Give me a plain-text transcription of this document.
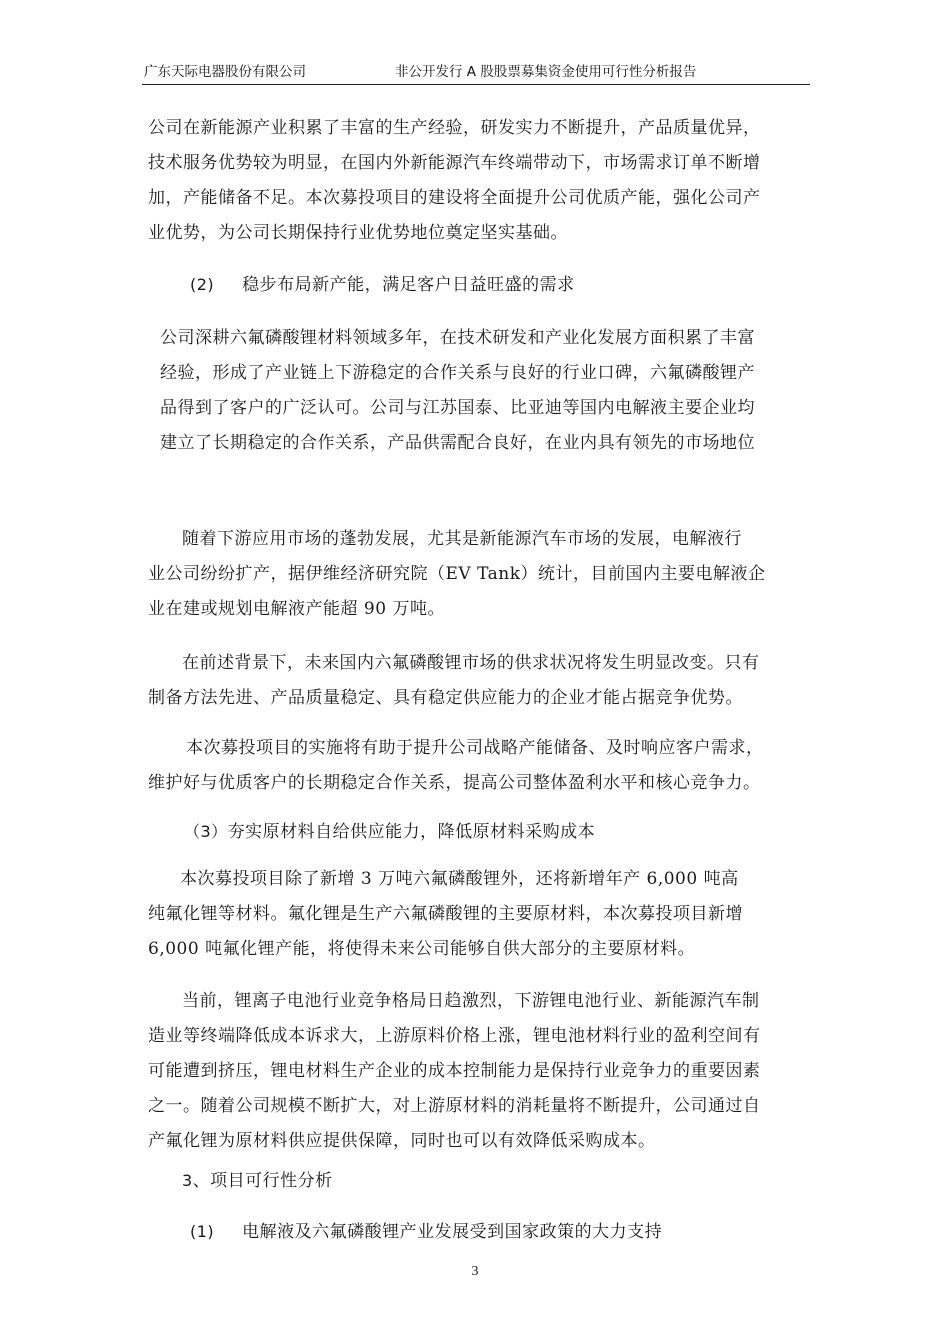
广东天际电器股份有限公司	非公开发行 A 股股票募集资金使用可行性分析报告
公司在新能源产业积累了丰富的生产经验，研发实力不断提升，产品质量优异，
技术服务优势较为明显，在国内外新能源汽车终端带动下，市场需求订单不断增
加，产能储备不足。本次募投项目的建设将全面提升公司优质产能，强化公司产
业优势，为公司长期保持行业优势地位奠定坚实基础。
(2) 稳步布局新产能，满足客户日益旺盛的需求
公司深耕六氟磷酸锂材料领域多年，在技术研发和产业化发展方面积累了丰富
经验，形成了产业链上下游稳定的合作关系与良好的行业口碑，六氟磷酸锂产
品得到了客户的广泛认可。公司与江苏国泰、比亚迪等国内电解液主要企业均
建立了长期稳定的合作关系，产品供需配合良好，在业内具有领先的市场地位
随着下游应用市场的蓬勃发展，尤其是新能源汽车市场的发展，电解液行
业公司纷纷扩产，据伊维经济研究院（EV Tank）统计，目前国内主要电解液企
业在建或规划电解液产能超 90 万吨。
在前述背景下，未来国内六氟磷酸锂市场的供求状况将发生明显改变。只有
制备方法先进、产品质量稳定、具有稳定供应能力的企业才能占据竞争优势。
本次募投项目的实施将有助于提升公司战略产能储备、及时响应客户需求，
维护好与优质客户的长期稳定合作关系，提高公司整体盈利水平和核心竞争力。
（3）夯实原材料自给供应能力，降低原材料采购成本
本次募投项目除了新增 3 万吨六氟磷酸锂外，还将新增年产 6,000 吨高
纯氟化锂等材料。氟化锂是生产六氟磷酸锂的主要原材料，本次募投项目新增
6,000 吨氟化锂产能，将使得未来公司能够自供大部分的主要原材料。
当前，锂离子电池行业竞争格局日趋激烈，下游锂电池行业、新能源汽车制
造业等终端降低成本诉求大，上游原料价格上涨，锂电池材料行业的盈利空间有
可能遭到挤压，锂电材料生产企业的成本控制能力是保持行业竞争力的重要因素
之一。随着公司规模不断扩大，对上游原材料的消耗量将不断提升，公司通过自
产氟化锂为原材料供应提供保障，同时也可以有效降低采购成本。
3、项目可行性分析
(1) 电解液及六氟磷酸锂产业发展受到国家政策的大力支持
3
